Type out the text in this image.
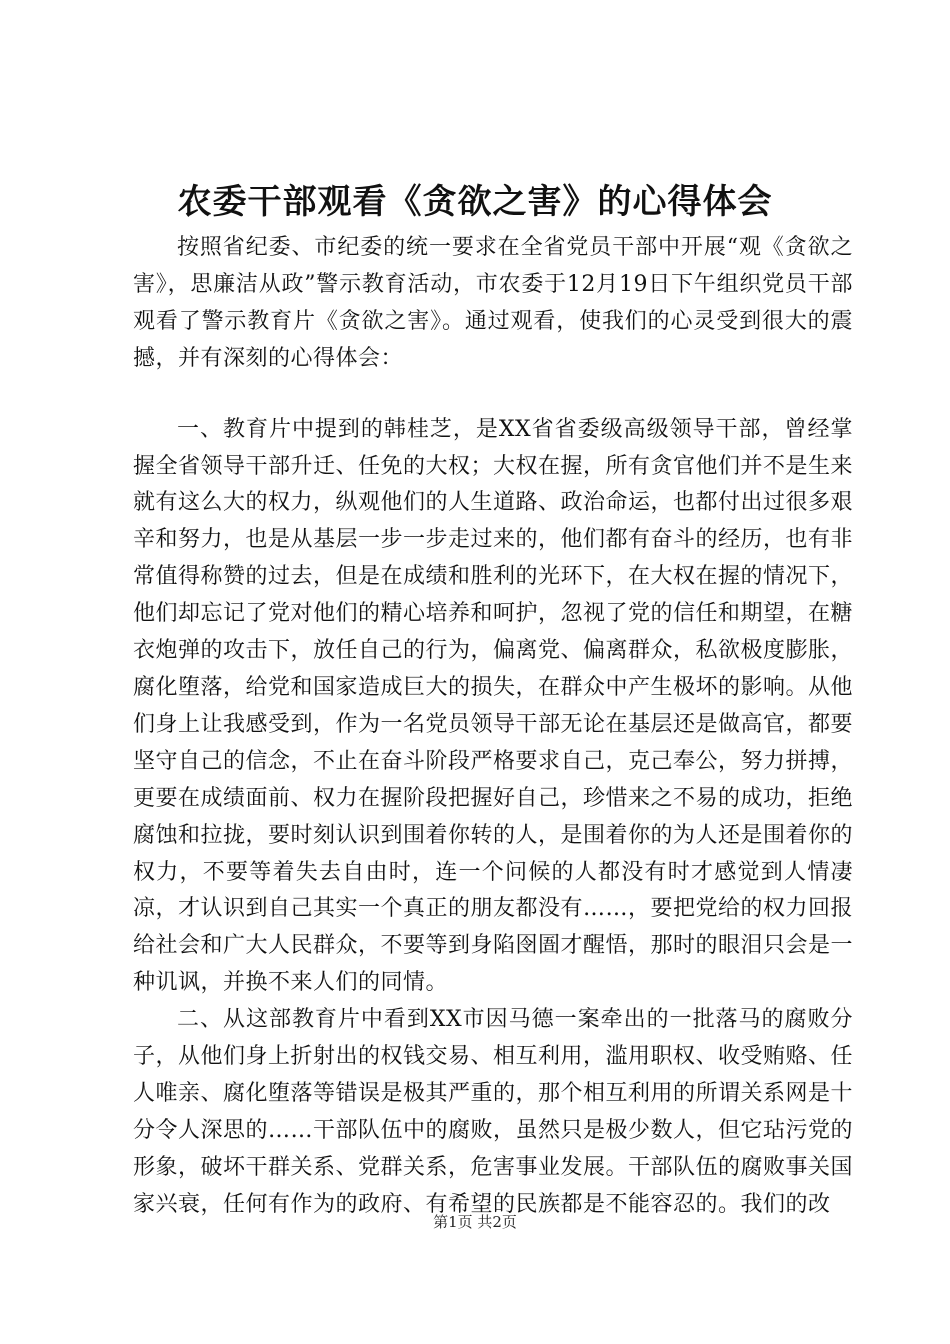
农委干部观看《贪欲之害》的心得体会

按照省纪委、市纪委的统一要求在全省党员干部中开展“观《贪欲之害》，思廉洁从政”警示教育活动，市农委于12月19日下午组织党员干部观看了警示教育片《贪欲之害》。通过观看，使我们的心灵受到很大的震撼，并有深刻的心得体会：

一、教育片中提到的韩桂芝，是XX省省委级高级领导干部，曾经掌握全省领导干部升迁、任免的大权；大权在握，所有贪官他们并不是生来就有这么大的权力，纵观他们的人生道路、政治命运，也都付出过很多艰辛和努力，也是从基层一步一步走过来的，他们都有奋斗的经历，也有非常值得称赞的过去，但是在成绩和胜利的光环下，在大权在握的情况下，他们却忘记了党对他们的精心培养和呵护，忽视了党的信任和期望，在糖衣炮弹的攻击下，放任自己的行为，偏离党、偏离群众，私欲极度膨胀，腐化堕落，给党和国家造成巨大的损失，在群众中产生极坏的影响。从他们身上让我感受到，作为一名党员领导干部无论在基层还是做高官，都要坚守自己的信念，不止在奋斗阶段严格要求自己，克己奉公，努力拼搏，更要在成绩面前、权力在握阶段把握好自己，珍惜来之不易的成功，拒绝腐蚀和拉拢，要时刻认识到围着你转的人，是围着你的为人还是围着你的权力，不要等着失去自由时，连一个问候的人都没有时才感觉到人情凄凉，才认识到自己其实一个真正的朋友都没有……，要把党给的权力回报给社会和广大人民群众，不要等到身陷囹圄才醒悟，那时的眼泪只会是一种讥讽，并换不来人们的同情。

二、从这部教育片中看到XX市因马德一案牵出的一批落马的腐败分子，从他们身上折射出的权钱交易、相互利用，滥用职权、收受贿赂、任人唯亲、腐化堕落等错误是极其严重的，那个相互利用的所谓关系网是十分令人深思的……干部队伍中的腐败，虽然只是极少数人，但它玷污党的形象，破坏干群关系、党群关系，危害事业发展。干部队伍的腐败事关国家兴衰，任何有作为的政府、有希望的民族都是不能容忍的。我们的改

第1页 共2页
